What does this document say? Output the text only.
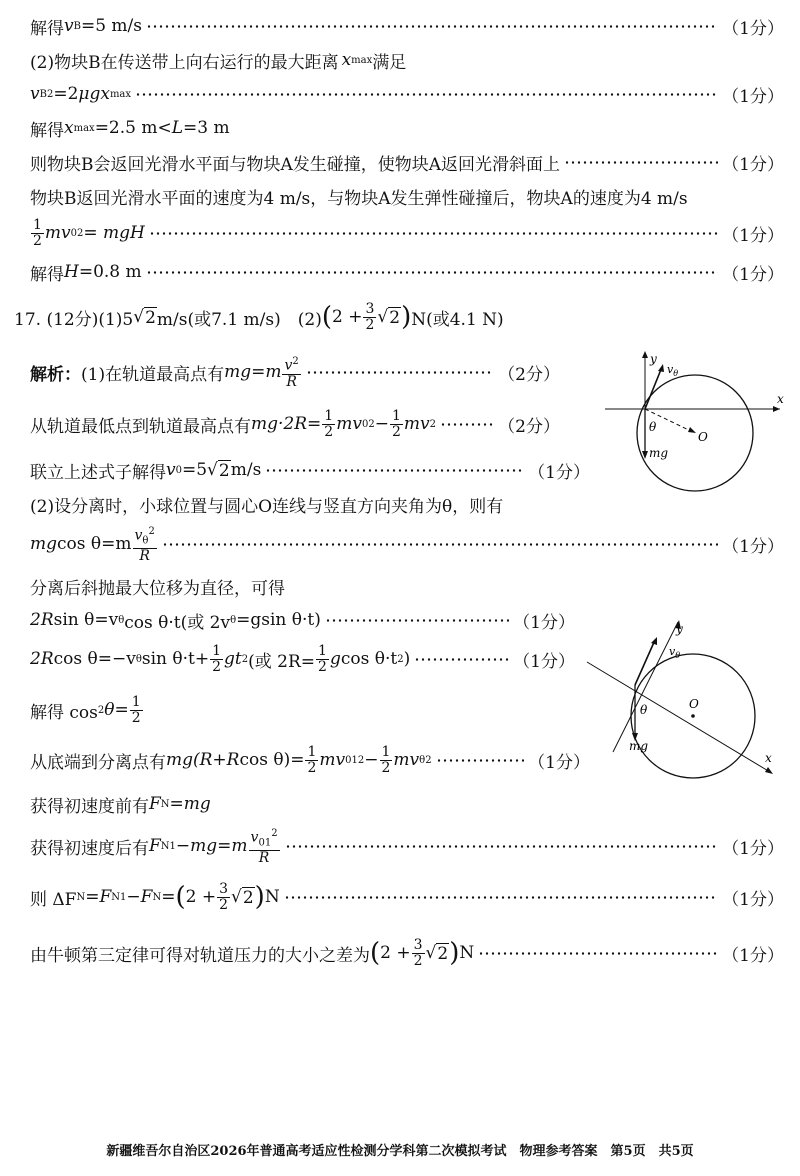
解得 v B =5 m/s	（1分）
(2)物块B在传送带上向右运行的最大距离 x max 满足
v B 2 =2 μgx max	（1分）
解得 x max =2.5 m< L =3 m
则物块B会返回光滑水平面与物块A发生碰撞，使物块A返回光滑斜面上	（1分）
物块B返回光滑水平面的速度为4 m/s，与物块A发生弹性碰撞后，物块A的速度为4 m/s
$\frac{1}{2}$ mv 0 2 = mgH	（1分）
解得 H =0.8 m	（1分）
17. (12分)(1)5 √ 2 m/s(或7.1 m/s)　(2) ( $2 + \frac{3}{2}$ √ 2 ) N(或4.1 N)
解析： (1)在轨道最高点有 $mg=m \frac{v^2}{R}$	（2分）
从轨道最低点到轨道最高点有 $mg\cdot 2R= \frac{1}{2}$ mv 0 $2 - \frac{1}{2}$ mv 2	（2分）
联立上述式子解得 v 0 =5 √ 2 m/s	（1分）
(2)设分离时，小球位置与圆心O连线与竖直方向夹角为θ，则有
mg $\cos \theta=m \frac{v_\theta^2}{R}$	（1分）
分离后斜抛最大位移为直径，可得
2R sin θ=v θ cos θ·t(或 2v θ =g sin θ·t)	（1分）
2R cos θ=−v θ $\sin \theta\cdot t+ \frac{1}{2}$ gt 2 (或 $2R= \frac{1}{2}$ g cos θ·t 2 )	（1分）
解得 cos 2 $\theta= \frac{1}{2}$
从底端到分离点有 mg(R+R $\cos \theta)= \frac{1}{2}$ mv 01 $2 - \frac{1}{2}$ mv θ 2	（1分）
获得初速度前有 F N =mg
获得初速度后有 F $N1 -mg=m \frac{v_{01}^2}{R}$	（1分）
则 ΔF N =F N1 −F N = ( $2 + \frac{3}{2}$ √ 2 ) N	（1分）
由牛顿第三定律可得对轨道压力的大小之差为 ( $2 + \frac{3}{2}$ √ 2 ) N	（1分）
x
y
$v_\theta$
θ
O
mg
x
y
$v_\theta$
θ	O
mg
新疆维吾尔自治区2026年普通高考适应性检测分学科第二次模拟考试　物理参考答案　第5页　共5页
